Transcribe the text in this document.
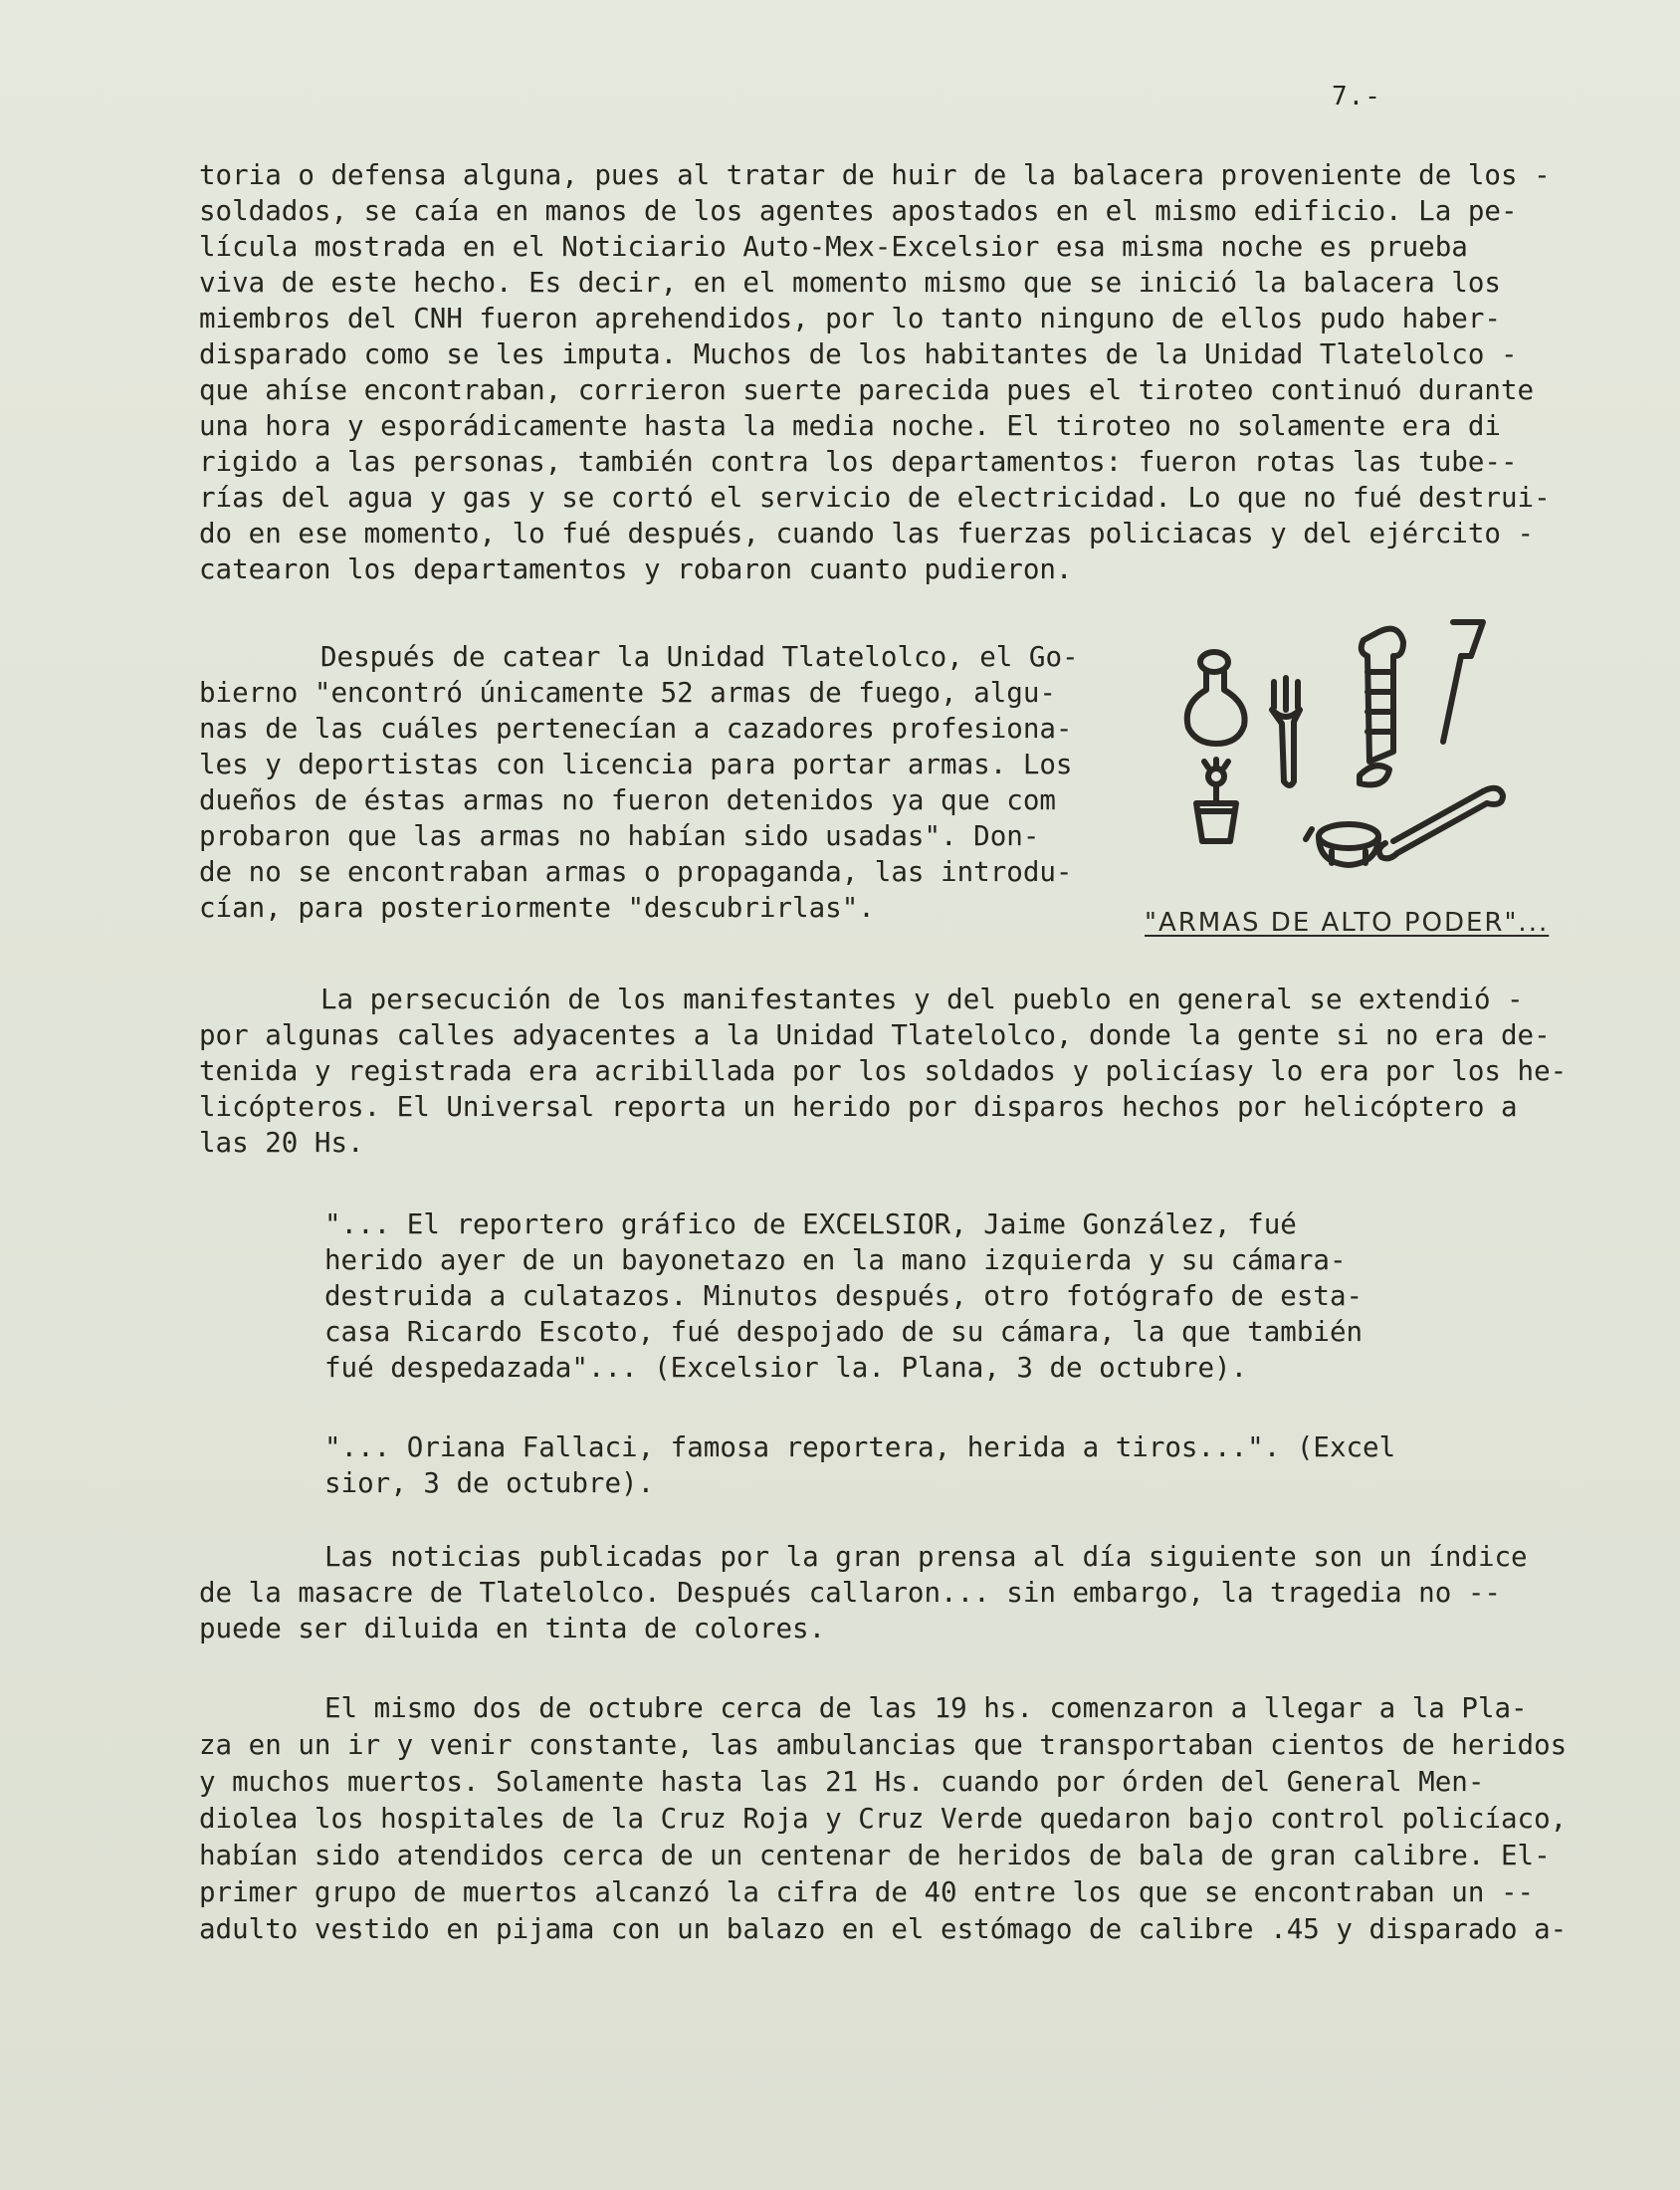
7.-
toria o defensa alguna, pues al tratar de huir de la balacera proveniente de los -
soldados, se caía en manos de los agentes apostados en el mismo edificio. La pe-
lícula mostrada en el Noticiario Auto-Mex-Excelsior esa misma noche es prueba
viva de este hecho. Es decir, en el momento mismo que se inició la balacera los
miembros del CNH fueron aprehendidos, por lo tanto ninguno de ellos pudo haber-
disparado como se les imputa. Muchos de los habitantes de la Unidad Tlatelolco -
que ahíse encontraban, corrieron suerte parecida pues el tiroteo continuó durante
una hora y esporádicamente hasta la media noche. El tiroteo no solamente era di
rigido a las personas, también contra los departamentos: fueron rotas las tube--
rías del agua y gas y se cortó el servicio de electricidad. Lo que no fué destrui-
do en ese momento, lo fué después, cuando las fuerzas policiacas y del ejército -
catearon los departamentos y robaron cuanto pudieron.
Después de catear la Unidad Tlatelolco, el Go-
bierno "encontró únicamente 52 armas de fuego, algu-
nas de las cuáles pertenecían a cazadores profesiona-
les y deportistas con licencia para portar armas. Los
dueños de éstas armas no fueron detenidos ya que com
probaron que las armas no habían sido usadas". Don-
de no se encontraban armas o propaganda, las introdu-
cían, para posteriormente "descubrirlas".	"ARMAS DE ALTO PODER"...
La persecución de los manifestantes y del pueblo en general se extendió -
por algunas calles adyacentes a la Unidad Tlatelolco, donde la gente si no era de-
tenida y registrada era acribillada por los soldados y policíasy lo era por los he-
licópteros. El Universal reporta un herido por disparos hechos por helicóptero a
las 20 Hs.
"... El reportero gráfico de EXCELSIOR, Jaime González, fué
herido ayer de un bayonetazo en la mano izquierda y su cámara-
destruida a culatazos. Minutos después, otro fotógrafo de esta-
casa Ricardo Escoto, fué despojado de su cámara, la que también
fué despedazada"... (Excelsior la. Plana, 3 de octubre).
"... Oriana Fallaci, famosa reportera, herida a tiros...". (Excel
sior, 3 de octubre).
Las noticias publicadas por la gran prensa al día siguiente son un índice
de la masacre de Tlatelolco. Después callaron... sin embargo, la tragedia no --
puede ser diluida en tinta de colores.
El mismo dos de octubre cerca de las 19 hs. comenzaron a llegar a la Pla-
za en un ir y venir constante, las ambulancias que transportaban cientos de heridos
y muchos muertos. Solamente hasta las 21 Hs. cuando por órden del General Men-
diolea los hospitales de la Cruz Roja y Cruz Verde quedaron bajo control policíaco,
habían sido atendidos cerca de un centenar de heridos de bala de gran calibre. El-
primer grupo de muertos alcanzó la cifra de 40 entre los que se encontraban un --
adulto vestido en pijama con un balazo en el estómago de calibre .45 y disparado a-
